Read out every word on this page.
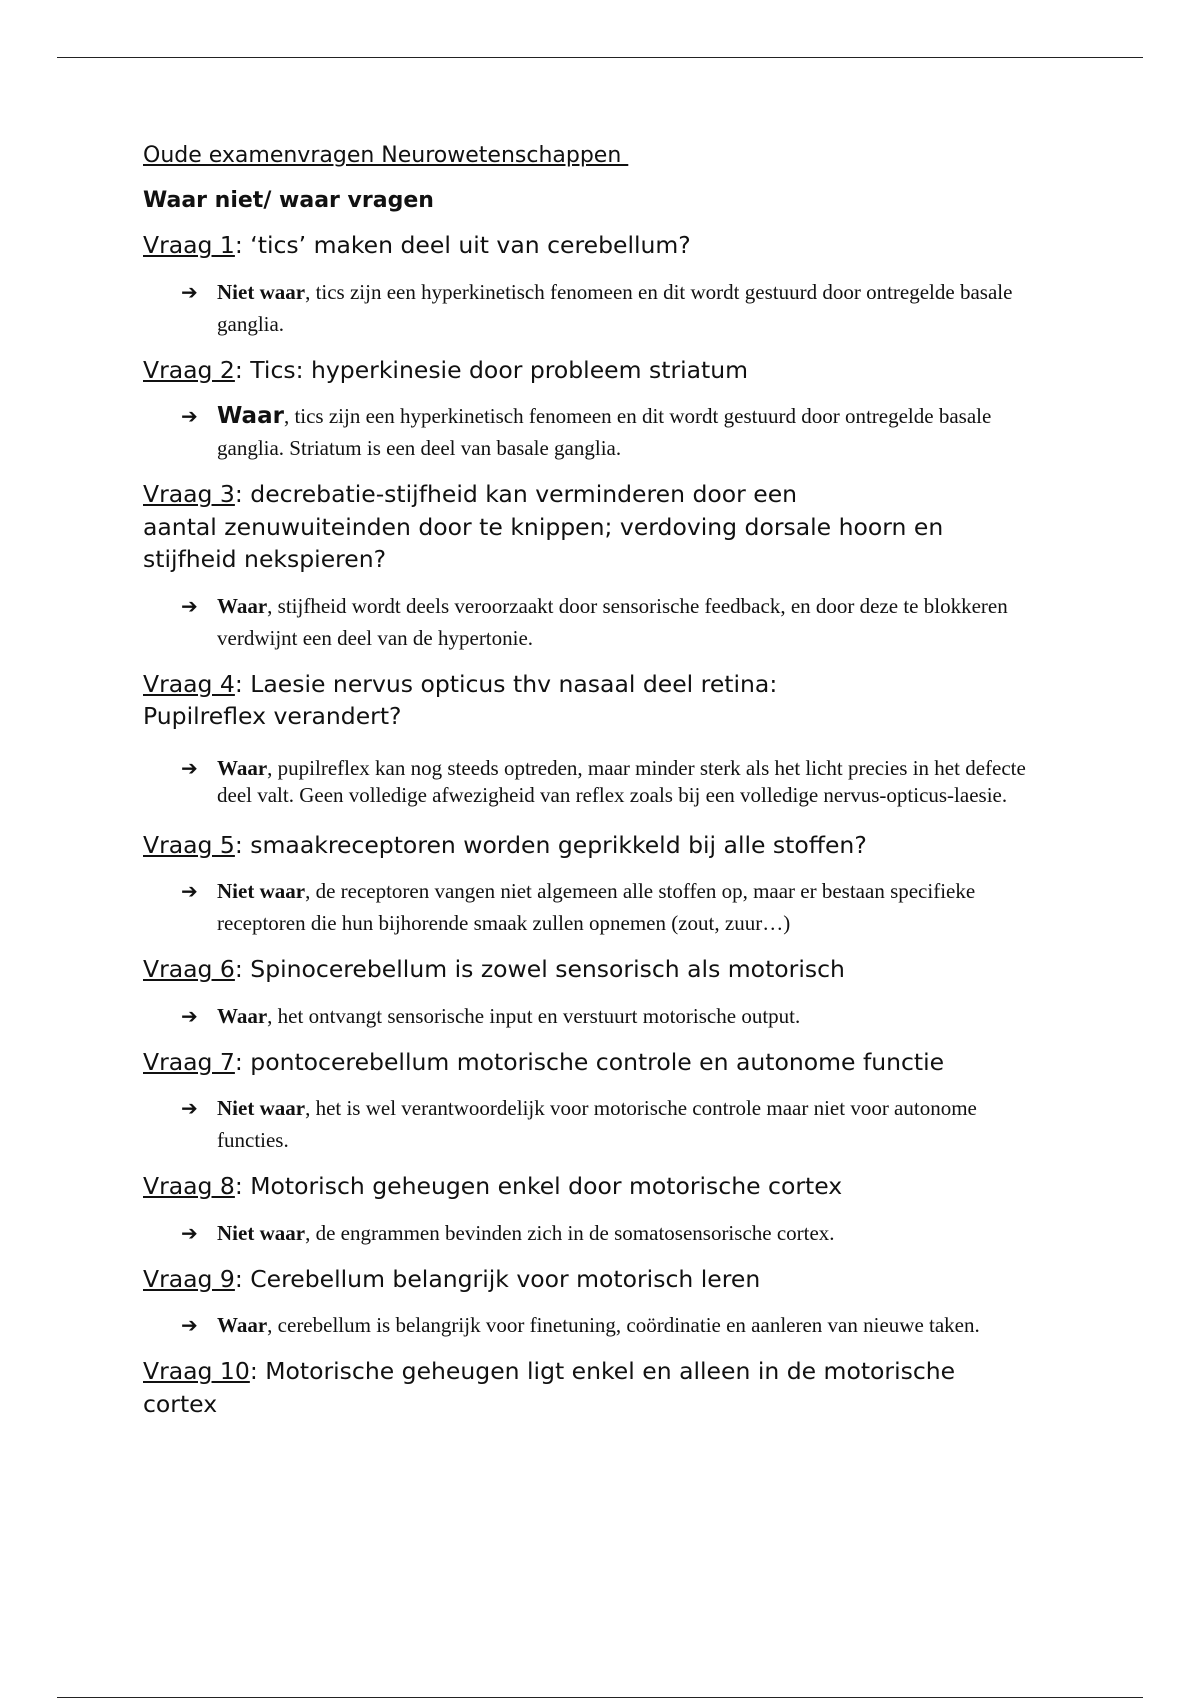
Oude examenvragen Neurowetenschappen
Waar niet/ waar vragen
Vraag 1: ‘tics’ maken deel uit van cerebellum?
➔ Niet waar, tics zijn een hyperkinetisch fenomeen en dit wordt gestuurd door ontregelde basale ganglia.
Vraag 2: Tics: hyperkinesie door probleem striatum
➔ Waar, tics zijn een hyperkinetisch fenomeen en dit wordt gestuurd door ontregelde basale ganglia. Striatum is een deel van basale ganglia.
Vraag 3: decrebatie-stijfheid kan verminderen door een
aantal zenuwuiteinden door te knippen; verdoving dorsale hoorn en
stijfheid nekspieren?
➔ Waar, stijfheid wordt deels veroorzaakt door sensorische feedback, en door deze te blokkeren verdwijnt een deel van de hypertonie.
Vraag 4: Laesie nervus opticus thv nasaal deel retina:
Pupilreflex verandert?
➔ Waar, pupilreflex kan nog steeds optreden, maar minder sterk als het licht precies in het defecte deel valt. Geen volledige afwezigheid van reflex zoals bij een volledige nervus-opticus-laesie.
Vraag 5: smaakreceptoren worden geprikkeld bij alle stoffen?
➔ Niet waar, de receptoren vangen niet algemeen alle stoffen op, maar er bestaan specifieke receptoren die hun bijhorende smaak zullen opnemen (zout, zuur…)
Vraag 6: Spinocerebellum is zowel sensorisch als motorisch
➔ Waar, het ontvangt sensorische input en verstuurt motorische output.
Vraag 7: pontocerebellum motorische controle en autonome functie
➔ Niet waar, het is wel verantwoordelijk voor motorische controle maar niet voor autonome functies.
Vraag 8: Motorisch geheugen enkel door motorische cortex
➔ Niet waar, de engrammen bevinden zich in de somatosensorische cortex.
Vraag 9: Cerebellum belangrijk voor motorisch leren
➔ Waar, cerebellum is belangrijk voor finetuning, coördinatie en aanleren van nieuwe taken.
Vraag 10: Motorische geheugen ligt enkel en alleen in de motorische
cortex
